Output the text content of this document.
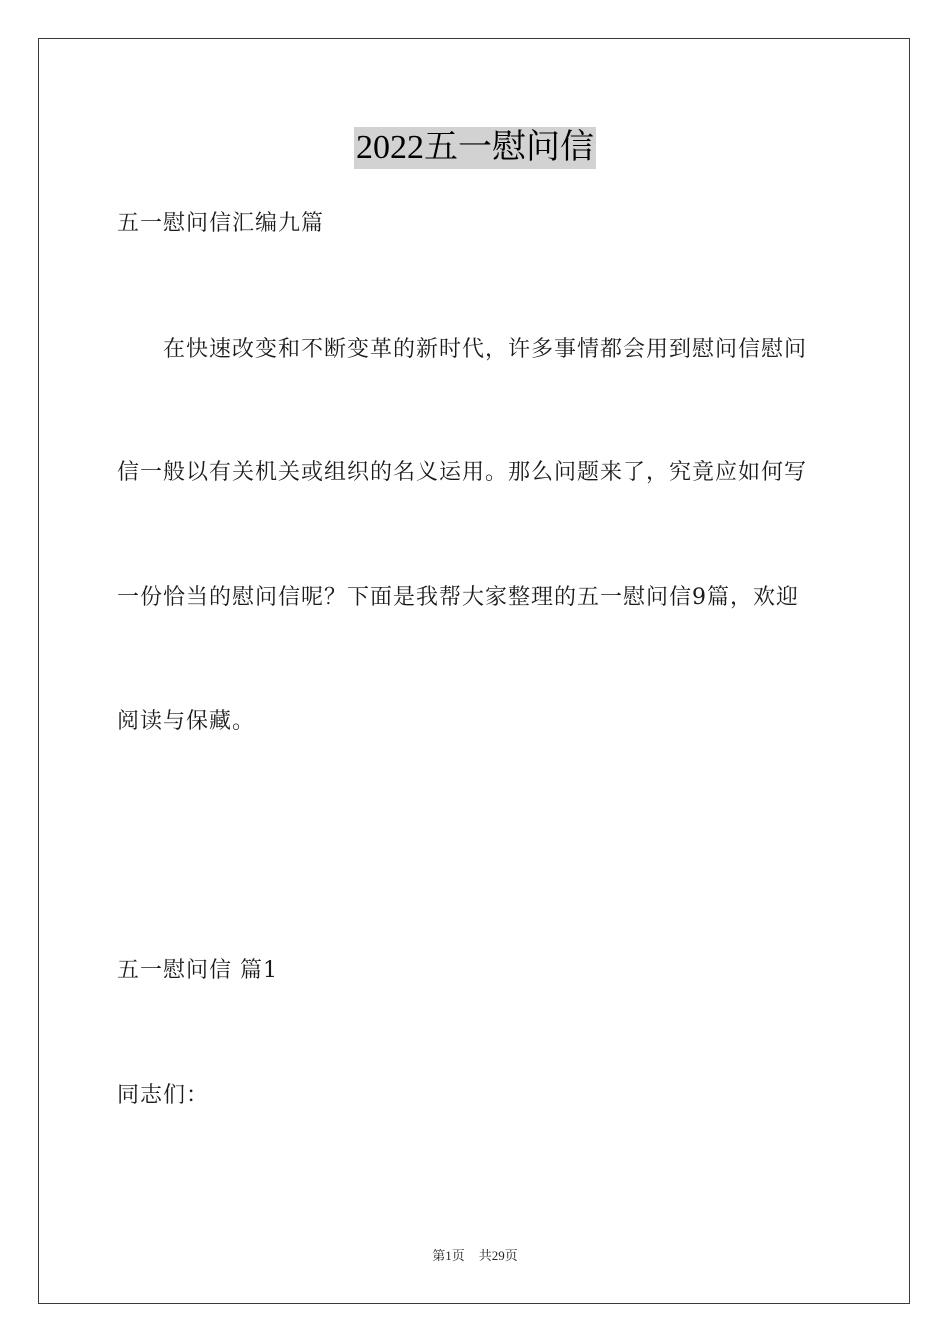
2022五一慰问信

五一慰问信汇编九篇

在快速改变和不断变革的新时代，许多事情都会用到慰问信慰问

信一般以有关机关或组织的名义运用。那么问题来了，究竟应如何写

一份恰当的慰问信呢？下面是我帮大家整理的五一慰问信9篇，欢迎

阅读与保藏。

五一慰问信 篇1

同志们：

第1页 共29页
